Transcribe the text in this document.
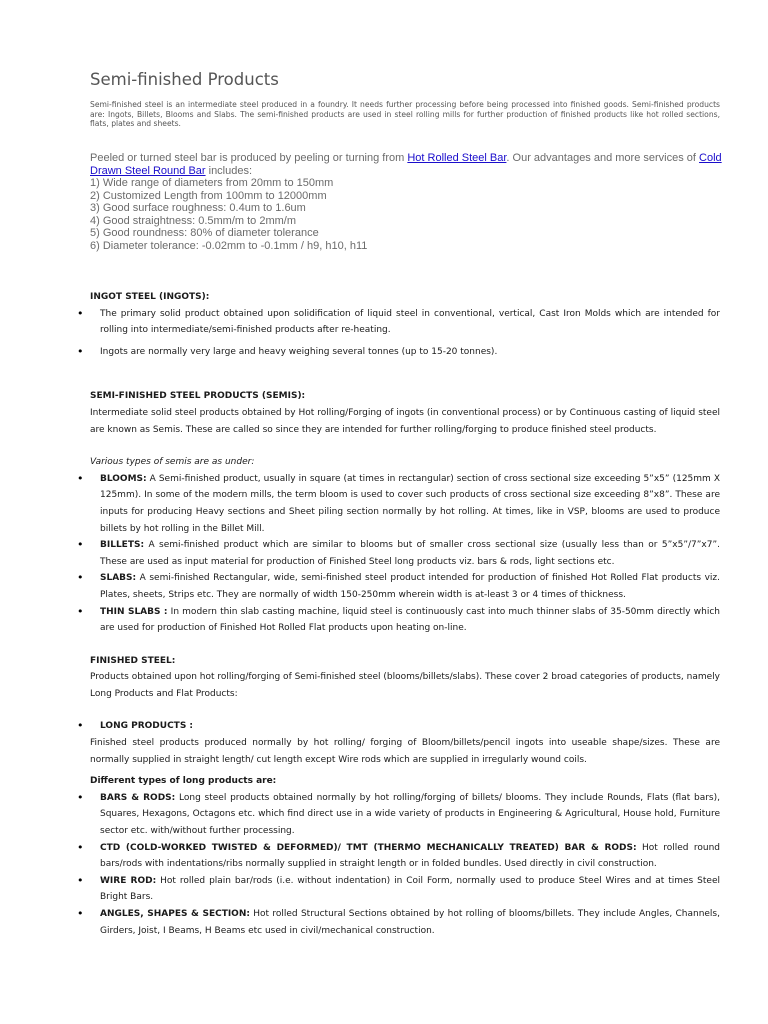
Semi-finished Products

Semi-finished steel is an intermediate steel produced in a foundry. It needs further processing before being processed into finished goods. Semi-finished products are: Ingots, Billets, Blooms and Slabs. The semi-finished products are used in steel rolling mills for further production of finished products like hot rolled sections, flats, plates and sheets.

Peeled or turned steel bar is produced by peeling or turning from Hot Rolled Steel Bar. Our advantages and more services of Cold Drawn Steel Round Bar includes:
1) Wide range of diameters from 20mm to 150mm
2) Customized Length from 100mm to 12000mm
3) Good surface roughness: 0.4um to 1.6um
4) Good straightness: 0.5mm/m to 2mm/m
5) Good roundness: 80% of diameter tolerance
6) Diameter tolerance: -0.02mm to -0.1mm / h9, h10, h11

INGOT STEEL (INGOTS):

• The primary solid product obtained upon solidification of liquid steel in conventional, vertical, Cast Iron Molds which are intended for rolling into intermediate/semi-finished products after re-heating.
• Ingots are normally very large and heavy weighing several tonnes (up to 15-20 tonnes).

SEMI-FINISHED STEEL PRODUCTS (SEMIS):

Intermediate solid steel products obtained by Hot rolling/Forging of ingots (in conventional process) or by Continuous casting of liquid steel are known as Semis. These are called so since they are intended for further rolling/forging to produce finished steel products.

Various types of semis are as under:

• BLOOMS: A Semi-finished product, usually in square (at times in rectangular) section of cross sectional size exceeding 5”x5” (125mm X 125mm). In some of the modern mills, the term bloom is used to cover such products of cross sectional size exceeding 8”x8”. These are inputs for producing Heavy sections and Sheet piling section normally by hot rolling. At times, like in VSP, blooms are used to produce billets by hot rolling in the Billet Mill.
• BILLETS: A semi-finished product which are similar to blooms but of smaller cross sectional size (usually less than or 5”x5”/7”x7”. These are used as input material for production of Finished Steel long products viz. bars & rods, light sections etc.
• SLABS: A semi-finished Rectangular, wide, semi-finished steel product intended for production of finished Hot Rolled Flat products viz. Plates, sheets, Strips etc. They are normally of width 150-250mm wherein width is at-least 3 or 4 times of thickness.
• THIN SLABS : In modern thin slab casting machine, liquid steel is continuously cast into much thinner slabs of 35-50mm directly which are used for production of Finished Hot Rolled Flat products upon heating on-line.

FINISHED STEEL:

Products obtained upon hot rolling/forging of Semi-finished steel (blooms/billets/slabs). These cover 2 broad categories of products, namely Long Products and Flat Products:

• LONG PRODUCTS :

Finished steel products produced normally by hot rolling/ forging of Bloom/billets/pencil ingots into useable shape/sizes. These are normally supplied in straight length/ cut length except Wire rods which are supplied in irregularly wound coils.

Different types of long products are:

• BARS & RODS: Long steel products obtained normally by hot rolling/forging of billets/ blooms. They include Rounds, Flats (flat bars), Squares, Hexagons, Octagons etc. which find direct use in a wide variety of products in Engineering & Agricultural, House hold, Furniture sector etc. with/without further processing.
• CTD (COLD-WORKED TWISTED & DEFORMED)/ TMT (THERMO MECHANICALLY TREATED) BAR & RODS: Hot rolled round bars/rods with indentations/ribs normally supplied in straight length or in folded bundles. Used directly in civil construction.
• WIRE ROD: Hot rolled plain bar/rods (i.e. without indentation) in Coil Form, normally used to produce Steel Wires and at times Steel Bright Bars.
• ANGLES, SHAPES & SECTION: Hot rolled Structural Sections obtained by hot rolling of blooms/billets. They include Angles, Channels, Girders, Joist, I Beams, H Beams etc used in civil/mechanical construction.
